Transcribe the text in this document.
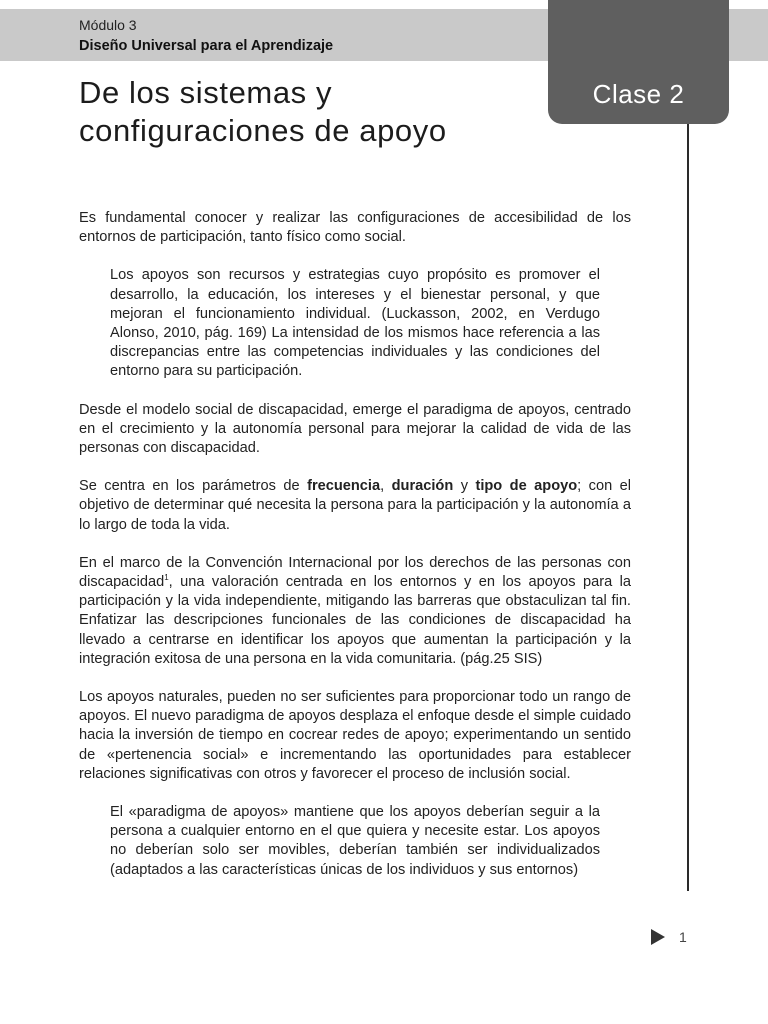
Módulo 3
Diseño Universal para el Aprendizaje
Clase 2
De los sistemas y
configuraciones de apoyo

Es fundamental conocer y realizar las configuraciones de accesibilidad de los entornos de participación, tanto físico como social.

Los apoyos son recursos y estrategias cuyo propósito es promover el desarrollo, la educación, los intereses y el bienestar personal, y que mejoran el funcionamiento individual. (Luckasson, 2002, en Verdugo Alonso, 2010, pág. 169) La intensidad de los mismos hace referencia a las discrepancias entre las competencias individuales y las condiciones del entorno para su participación.

Desde el modelo social de discapacidad, emerge el paradigma de apoyos, centrado en el crecimiento y la autonomía personal para mejorar la calidad de vida de las personas con discapacidad.

Se centra en los parámetros de frecuencia, duración y tipo de apoyo; con el objetivo de determinar qué necesita la persona para la participación y la autonomía a lo largo de toda la vida.

En el marco de la Convención Internacional por los derechos de las personas con discapacidad$^1$, una valoración centrada en los entornos y en los apoyos para la participación y la vida independiente, mitigando las barreras que obstaculizan tal fin. Enfatizar las descripciones funcionales de las condiciones de discapacidad ha llevado a centrarse en identificar los apoyos que aumentan la participación y la integración exitosa de una persona en la vida comunitaria. (pág.25 SIS)

Los apoyos naturales, pueden no ser suficientes para proporcionar todo un rango de apoyos. El nuevo paradigma de apoyos desplaza el enfoque desde el simple cuidado hacia la inversión de tiempo en cocrear redes de apoyo; experimentando un sentido de «pertenencia social» e incrementando las oportunidades para establecer relaciones significativas con otros y favorecer el proceso de inclusión social.

El «paradigma de apoyos» mantiene que los apoyos deberían seguir a la persona a cualquier entorno en el que quiera y necesite estar. Los apoyos no deberían solo ser movibles, deberían también ser individualizados (adaptados a las características únicas de los individuos y sus entornos)

1
